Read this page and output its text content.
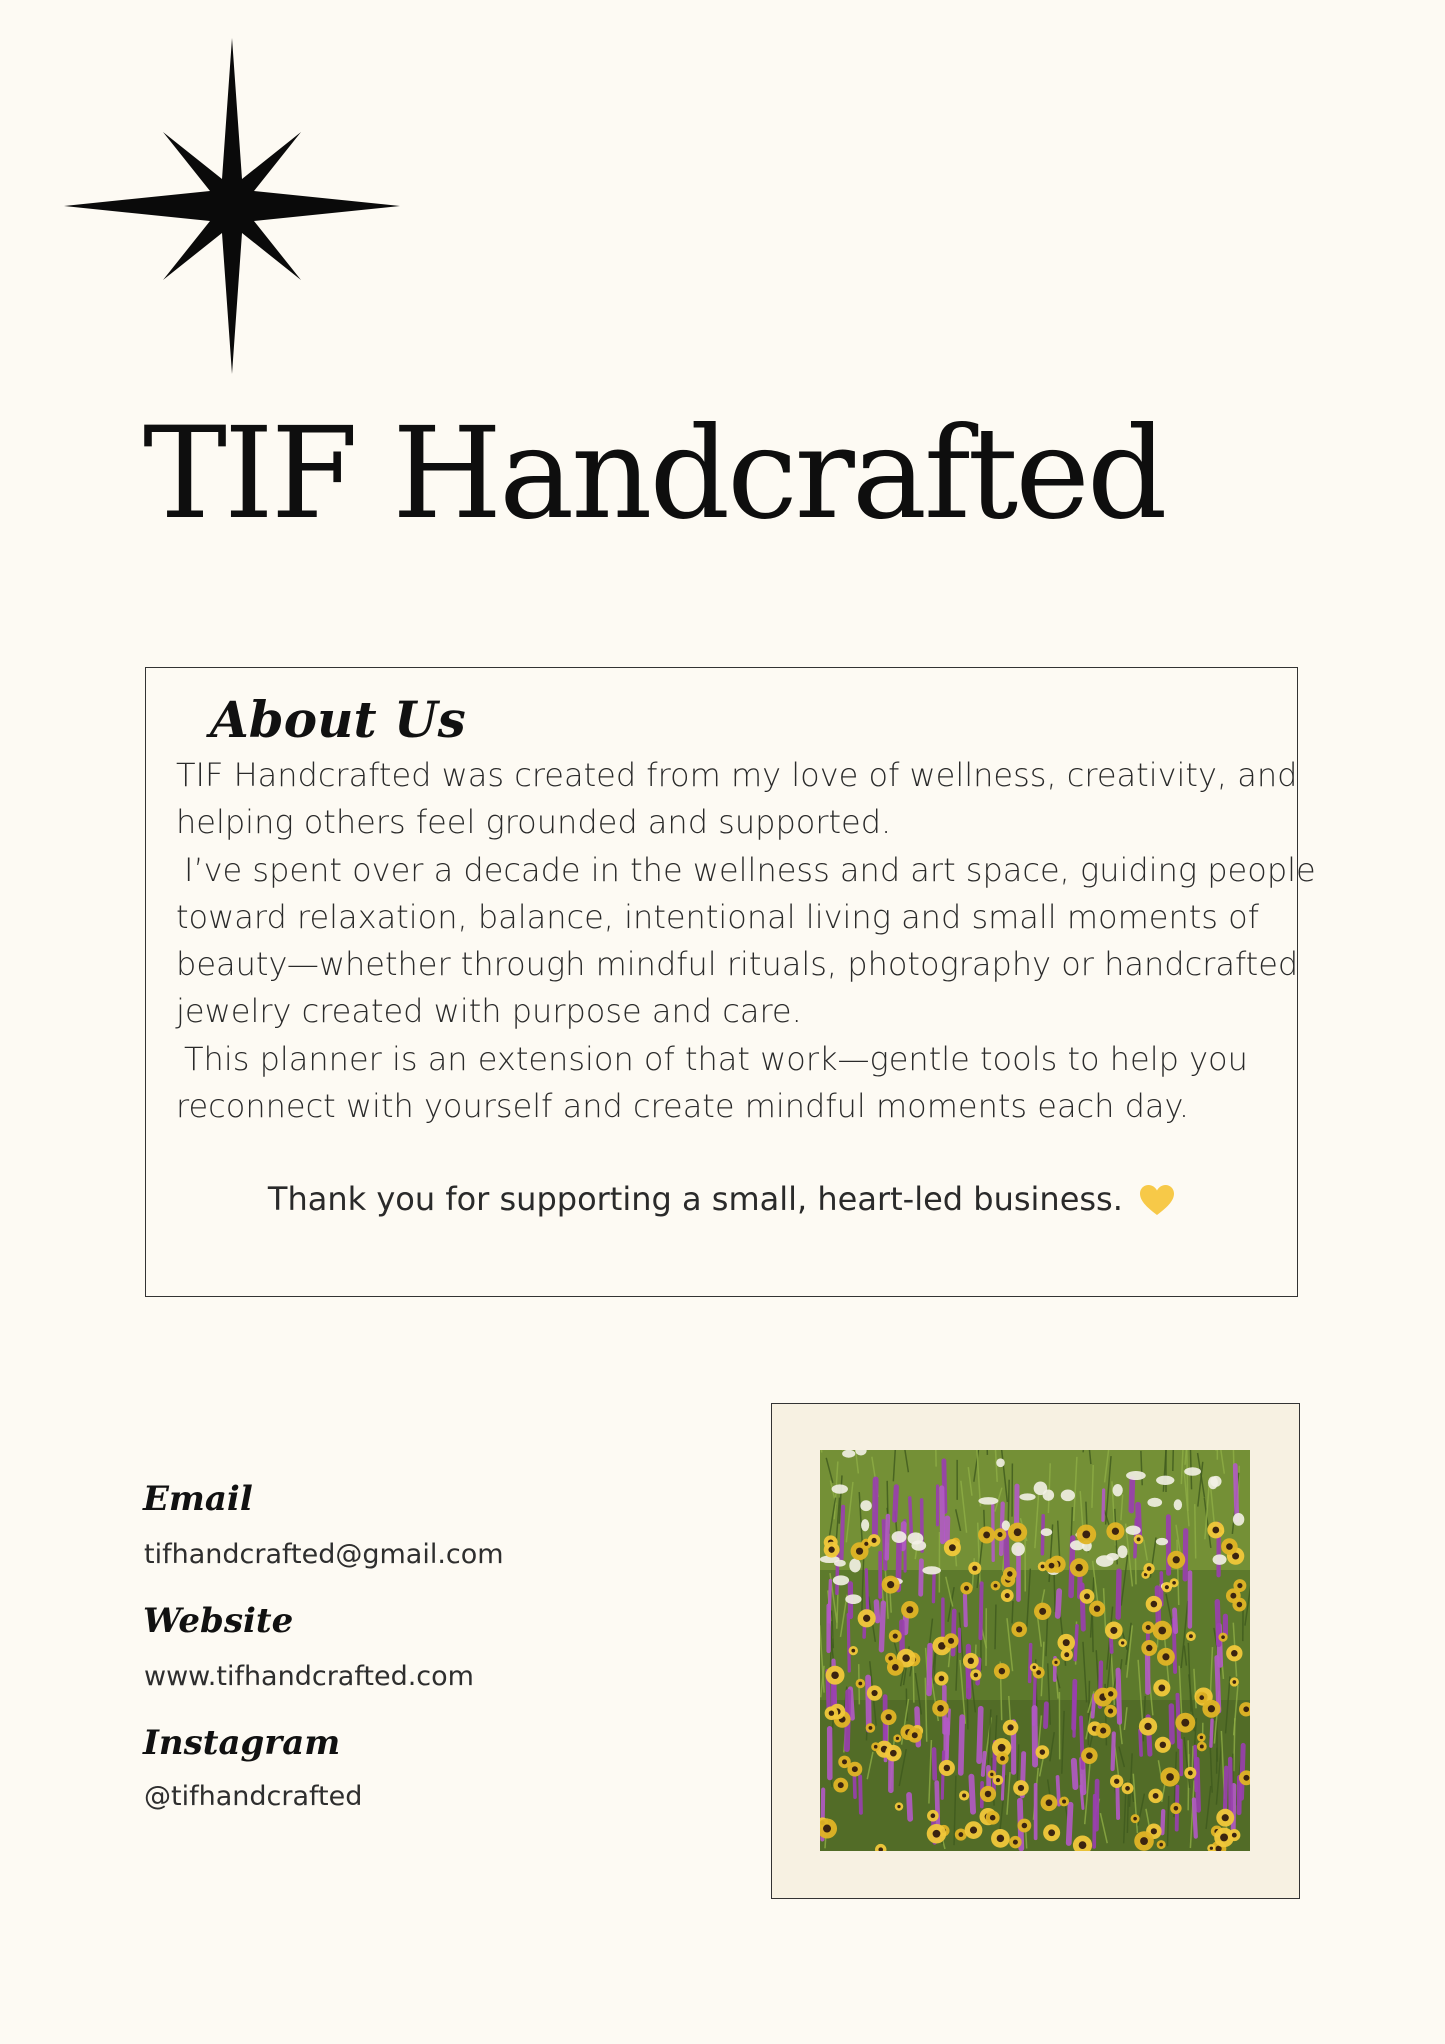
TIF Handcrafted
About Us

TIF Handcrafted was created from my love of wellness, creativity, and

helping others feel grounded and supported.

I’ve spent over a decade in the wellness and art space, guiding people

toward relaxation, balance, intentional living and small moments of

beauty—whether through mindful rituals, photography or handcrafted

jewelry created with purpose and care.

This planner is an extension of that work—gentle tools to help you

reconnect with yourself and create mindful moments each day.

Thank you for supporting a small, heart-led business.
Email
tifhandcrafted@gmail.com
Website
www.tifhandcrafted.com
Instagram
@tifhandcrafted
